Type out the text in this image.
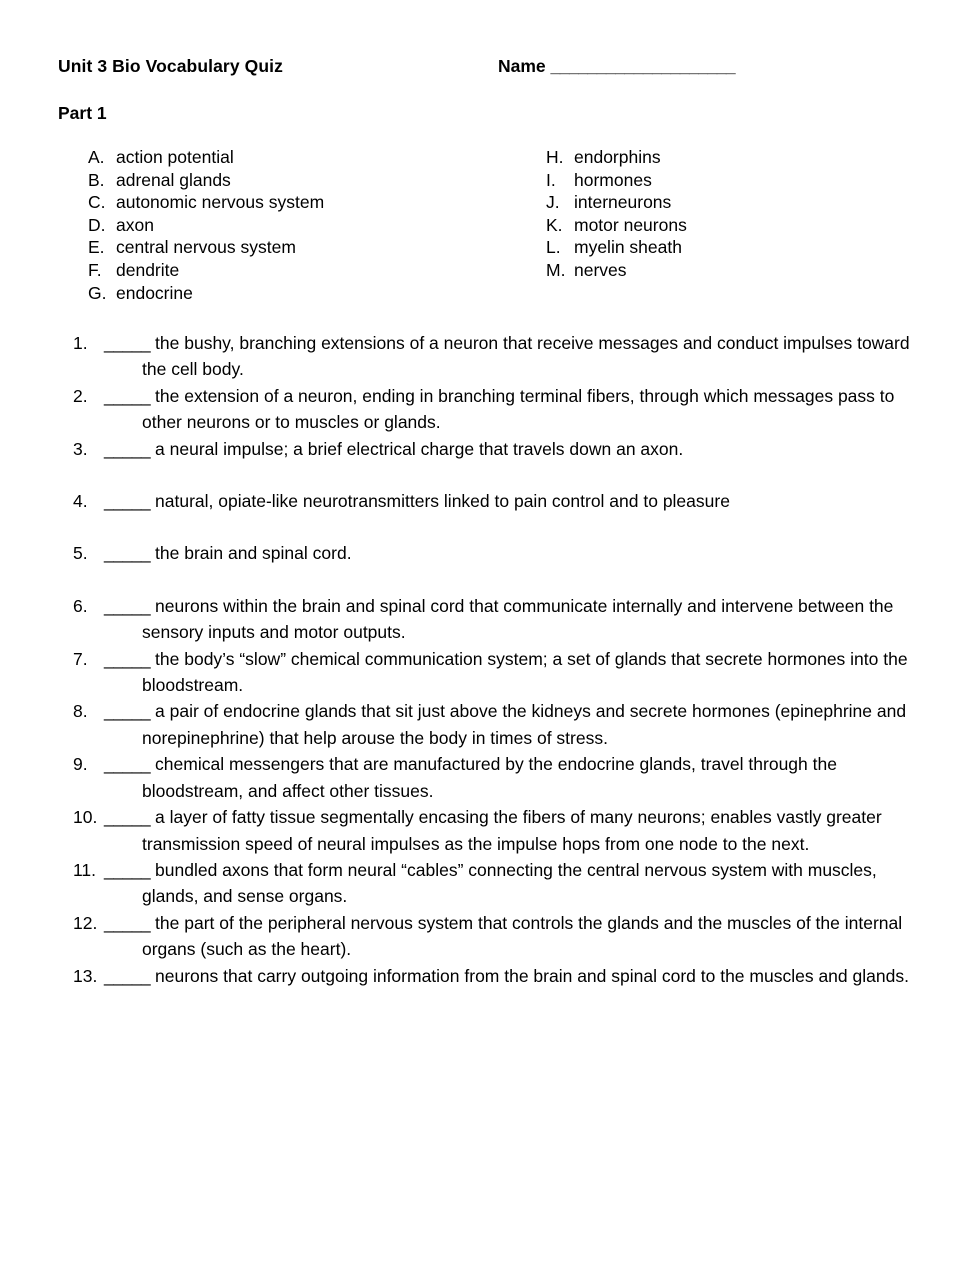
Unit 3 Bio Vocabulary Quiz	Name ____________________
Part 1
A. action potential
B. adrenal glands
C. autonomic nervous system
D. axon
E. central nervous system
F. dendrite
G. endocrine
H. endorphins
I.	hormones
J. interneurons
K. motor neurons
L. myelin sheath
M. nerves
1. _____ the bushy, branching extensions of a neuron that receive messages and conduct impulses toward the cell body.
2. _____ the extension of a neuron, ending in branching terminal fibers, through which messages pass to other neurons or to muscles or glands.
3. _____ a neural impulse; a brief electrical charge that travels down an axon.
4. _____ natural, opiate-like neurotransmitters linked to pain control and to pleasure
5. _____ the brain and spinal cord.
6. _____ neurons within the brain and spinal cord that communicate internally and intervene between the sensory inputs and motor outputs.
7. _____ the body’s “slow” chemical communication system; a set of glands that secrete hormones into the bloodstream.
8. _____ a pair of endocrine glands that sit just above the kidneys and secrete hormones (epinephrine and norepinephrine) that help arouse the body in times of stress.
9. _____ chemical messengers that are manufactured by the endocrine glands, travel through the bloodstream, and affect other tissues.
10. _____ a layer of fatty tissue segmentally encasing the fibers of many neurons; enables vastly greater transmission speed of neural impulses as the impulse hops from one node to the next.
11. _____ bundled axons that form neural “cables” connecting the central nervous system with muscles, glands, and sense organs.
12. _____ the part of the peripheral nervous system that controls the glands and the muscles of the internal organs (such as the heart).
13. _____ neurons that carry outgoing information from the brain and spinal cord to the muscles and glands.
